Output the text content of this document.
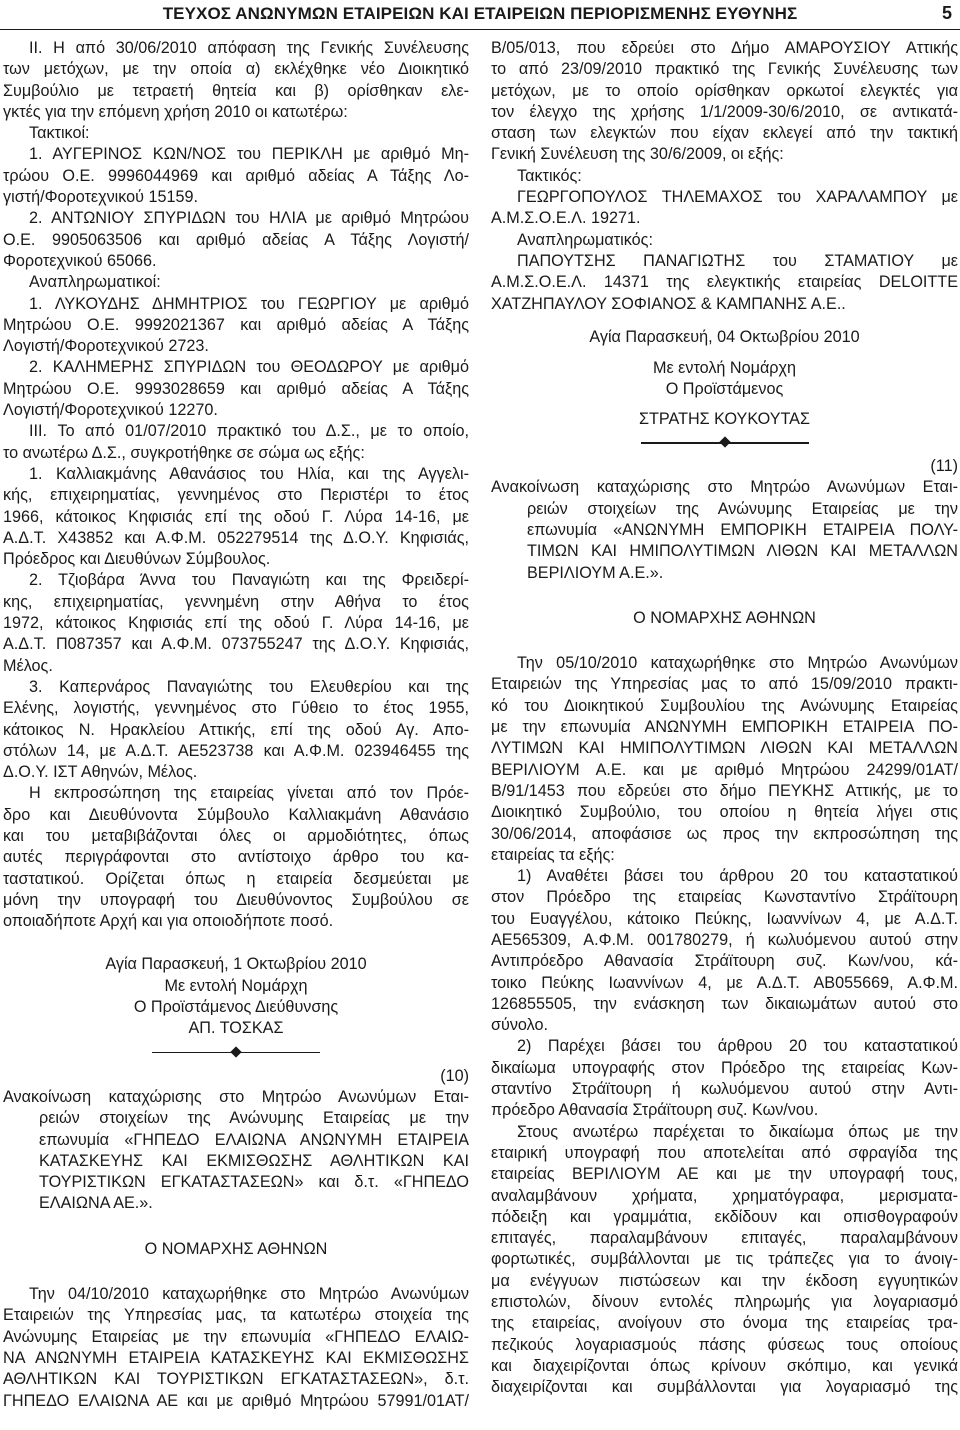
ΤΕΥΧΟΣ ΑΝΩΝΥΜΩΝ ΕΤΑΙΡΕΙΩΝ ΚΑΙ ΕΤΑΙΡΕΙΩΝ ΠΕΡΙΟΡΙΣΜΕΝΗΣ ΕΥΘΥΝΗΣ	5
II. Η από 30/06/2010 απόφαση της Γενικής Συνέλευσης
των μετόχων, με την οποία α) εκλέχθηκε νέο Διοικητικό
Συμβούλιο με τετραετή θητεία και β) ορίσθηκαν ελε-
γκτές για την επόμενη χρήση 2010 οι κατωτέρω:
Τακτικοί:
1. ΑΥΓΕΡΙΝΟΣ ΚΩΝ/ΝΟΣ του ΠΕΡΙΚΛΗ με αριθμό Μη-
τρώου Ο.Ε. 9996044969 και αριθμό αδείας Α Τάξης Λο-
γιστή/Φοροτεχνικού 15159.
2. ΑΝΤΩΝΙΟΥ ΣΠΥΡΙΔΩΝ του ΗΛΙΑ με αριθμό Μητρώου
Ο.Ε. 9905063506 και αριθμό αδείας Α Τάξης Λογιστή/
Φοροτεχνικού 65066.
Αναπληρωματικοί:
1. ΛΥΚΟΥΔΗΣ ΔΗΜΗΤΡΙΟΣ του ΓΕΩΡΓΙΟΥ με αριθμό
Μητρώου Ο.Ε. 9992021367 και αριθμό αδείας Α Τάξης
Λογιστή/Φοροτεχνικού 2723.
2. ΚΑΛΗΜΕΡΗΣ ΣΠΥΡΙΔΩΝ του ΘΕΟΔΩΡΟΥ με αριθμό
Μητρώου Ο.Ε. 9993028659 και αριθμό αδείας Α Τάξης
Λογιστή/Φοροτεχνικού 12270.
III. Το από 01/07/2010 πρακτικό του Δ.Σ., με το οποίο,
το ανωτέρω Δ.Σ., συγκροτήθηκε σε σώμα ως εξής:
1. Καλλιακμάνης Αθανάσιος του Ηλία, και της Αγγελι-
κής, επιχειρηματίας, γεννημένος στο Περιστέρι το έτος
1966, κάτοικος Κηφισιάς επί της οδού Γ. Λύρα 14-16, με
Α.Δ.Τ. Χ43852 και Α.Φ.Μ. 052279514 της Δ.Ο.Υ. Κηφισιάς,
Πρόεδρος και Διευθύνων Σύμβουλος.
2. Τζιοβάρα Άννα του Παναγιώτη και της Φρειδερί-
κης, επιχειρηματίας, γεννημένη στην Αθήνα το έτος
1972, κάτοικος Κηφισιάς επί της οδού Γ. Λύρα 14-16, με
Α.Δ.Τ. Π087357 και Α.Φ.Μ. 073755247 της Δ.Ο.Υ. Κηφισιάς,
Μέλος.
3. Καπερνάρος Παναγιώτης του Ελευθερίου και της
Ελένης, λογιστής, γεννημένος στο Γύθειο το έτος 1955,
κάτοικος Ν. Ηρακλείου Αττικής, επί της οδού Αγ. Απο-
στόλων 14, με Α.Δ.Τ. ΑΕ523738 και Α.Φ.Μ. 023946455 της
Δ.Ο.Υ. ΙΣΤ Αθηνών, Μέλος.
Η εκπροσώπηση της εταιρείας γίνεται από τον Πρόε-
δρο και Διευθύνοντα Σύμβουλο Καλλιακμάνη Αθανάσιο
και του μεταβιβάζονται όλες οι αρμοδιότητες, όπως
αυτές περιγράφονται στο αντίστοιχο άρθρο του κα-
ταστατικού. Ορίζεται όπως η εταιρεία δεσμεύεται με
μόνη την υπογραφή του Διευθύνοντος Συμβούλου σε
οποιαδήποτε Αρχή και για οποιοδήποτε ποσό.
Αγία Παρασκευή, 1 Οκτωβρίου 2010
Με εντολή Νομάρχη
Ο Προϊστάμενος Διεύθυνσης
ΑΠ. ΤΟΣΚΑΣ
(10)
Ανακοίνωση καταχώρισης στο Μητρώο Ανωνύμων Εται-
ρειών στοιχείων της Ανώνυμης Εταιρείας με την
επωνυμία «ΓΗΠΕΔΟ ΕΛΑΙΩΝΑ ΑΝΩΝΥΜΗ ΕΤΑΙΡΕΙΑ
ΚΑΤΑΣΚΕΥΗΣ ΚΑΙ ΕΚΜΙΣΘΩΣΗΣ ΑΘΛΗΤΙΚΩΝ ΚΑΙ
ΤΟΥΡΙΣΤΙΚΩΝ ΕΓΚΑΤΑΣΤΑΣΕΩΝ» και δ.τ. «ΓΗΠΕΔΟ
ΕΛΑΙΩΝΑ ΑΕ.».
Ο ΝΟΜΑΡΧΗΣ ΑΘΗΝΩΝ
Την 04/10/2010 καταχωρήθηκε στο Μητρώο Ανωνύμων
Εταιρειών της Υπηρεσίας μας, τα κατωτέρω στοιχεία της
Ανώνυμης Εταιρείας με την επωνυμία «ΓΗΠΕΔΟ ΕΛΑΙΩ-
ΝΑ ΑΝΩΝΥΜΗ ΕΤΑΙΡΕΙΑ ΚΑΤΑΣΚΕΥΗΣ ΚΑΙ ΕΚΜΙΣΘΩΣΗΣ
ΑΘΛΗΤΙΚΩΝ ΚΑΙ ΤΟΥΡΙΣΤΙΚΩΝ ΕΓΚΑΤΑΣΤΑΣΕΩΝ», δ.τ.
ΓΗΠΕΔΟ ΕΛΑΙΩΝΑ ΑΕ και με αριθμό Μητρώου 57991/01ΑΤ/
Β/05/013, που εδρεύει στο Δήμο ΑΜΑΡΟΥΣΙΟΥ Αττικής
το από 23/09/2010 πρακτικό της Γενικής Συνέλευσης των
μετόχων, με το οποίο ορίσθηκαν ορκωτοί ελεγκτές για
τον έλεγχο της χρήσης 1/1/2009-30/6/2010, σε αντικατά-
σταση των ελεγκτών που είχαν εκλεγεί από την τακτική
Γενική Συνέλευση της 30/6/2009, οι εξής:
Τακτικός:
ΓΕΩΡΓΟΠΟΥΛΟΣ ΤΗΛΕΜΑΧΟΣ του ΧΑΡΑΛΑΜΠΟΥ με
Α.Μ.Σ.Ο.Ε.Λ. 19271.
Αναπληρωματικός:
ΠΑΠΟΥΤΣΗΣ ΠΑΝΑΓΙΩΤΗΣ του ΣΤΑΜΑΤΙΟΥ με
Α.Μ.Σ.Ο.Ε.Λ. 14371 της ελεγκτικής εταιρείας DELOITTE
ΧΑΤΖΗΠΑΥΛΟΥ ΣΟΦΙΑΝΟΣ & ΚΑΜΠΑΝΗΣ Α.Ε..
Αγία Παρασκευή, 04 Οκτωβρίου 2010
Με εντολή Νομάρχη
Ο Προϊστάμενος
ΣΤΡΑΤΗΣ ΚΟΥΚΟΥΤΑΣ
(11)
Ανακοίνωση καταχώρισης στο Μητρώο Ανωνύμων Εται-
ρειών στοιχείων της Ανώνυμης Εταιρείας με την
επωνυμία «ΑΝΩΝΥΜΗ ΕΜΠΟΡΙΚΗ ΕΤΑΙΡΕΙΑ ΠΟΛΥ-
ΤΙΜΩΝ ΚΑΙ ΗΜΙΠΟΛΥΤΙΜΩΝ ΛΙΘΩΝ ΚΑΙ ΜΕΤΑΛΛΩΝ
ΒΕΡΙΛΙΟΥΜ Α.Ε.».
Ο ΝΟΜΑΡΧΗΣ ΑΘΗΝΩΝ
Την 05/10/2010 καταχωρήθηκε στο Μητρώο Ανωνύμων
Εταιρειών της Υπηρεσίας μας το από 15/09/2010 πρακτι-
κό του Διοικητικού Συμβουλίου της Ανώνυμης Εταιρείας
με την επωνυμία ΑΝΩΝΥΜΗ ΕΜΠΟΡΙΚΗ ΕΤΑΙΡΕΙΑ ΠΟ-
ΛΥΤΙΜΩΝ ΚΑΙ ΗΜΙΠΟΛΥΤΙΜΩΝ ΛΙΘΩΝ ΚΑΙ ΜΕΤΑΛΛΩΝ
ΒΕΡΙΛΙΟΥΜ Α.Ε. και με αριθμό Μητρώου 24299/01ΑΤ/
Β/91/1453 που εδρεύει στο δήμο ΠΕΥΚΗΣ Αττικής, με το
Διοικητικό Συμβούλιο, του οποίου η θητεία λήγει στις
30/06/2014, αποφάσισε ως προς την εκπροσώπηση της
εταιρείας τα εξής:
1) Αναθέτει βάσει του άρθρου 20 του καταστατικού
στον Πρόεδρο της εταιρείας Κωνσταντίνο Στράϊτουρη
του Ευαγγέλου, κάτοικο Πεύκης, Ιωαννίνων 4, με Α.Δ.Τ.
ΑΕ565309, Α.Φ.Μ. 001780279, ή κωλυόμενου αυτού στην
Αντιπρόεδρο Αθανασία Στράϊτουρη συζ. Κων/νου, κά-
τοικο Πεύκης Ιωαννίνων 4, με Α.Δ.Τ. ΑΒ055669, Α.Φ.Μ.
126855505, την ενάσκηση των δικαιωμάτων αυτού στο
σύνολο.
2) Παρέχει βάσει του άρθρου 20 του καταστατικού
δικαίωμα υπογραφής στον Πρόεδρο της εταιρείας Κων-
σταντίνο Στράϊτουρη ή κωλυόμενου αυτού στην Αντι-
πρόεδρο Αθανασία Στράϊτουρη συζ. Κων/νου.
Στους ανωτέρω παρέχεται το δικαίωμα όπως με την
εταιρική υπογραφή που αποτελείται από σφραγίδα της
εταιρείας ΒΕΡΙΛΙΟΥΜ ΑΕ και με την υπογραφή τους,
αναλαμβάνουν χρήματα, χρηματόγραφα, μερισματα-
πόδειξη και γραμμάτια, εκδίδουν και οπισθογραφούν
επιταγές, παραλαμβάνουν επιταγές, παραλαμβάνουν
φορτωτικές, συμβάλλονται με τις τράπεζες για το άνοιγ-
μα ενέγγυων πιστώσεων και την έκδοση εγγυητικών
επιστολών, δίνουν εντολές πληρωμής για λογαριασμό
της εταιρείας, ανοίγουν στο όνομα της εταιρείας τρα-
πεζικούς λογαριασμούς πάσης φύσεως τους οποίους
και διαχειρίζονται όπως κρίνουν σκόπιμο, και γενικά
διαχειρίζονται και συμβάλλονται για λογαριασμό της
